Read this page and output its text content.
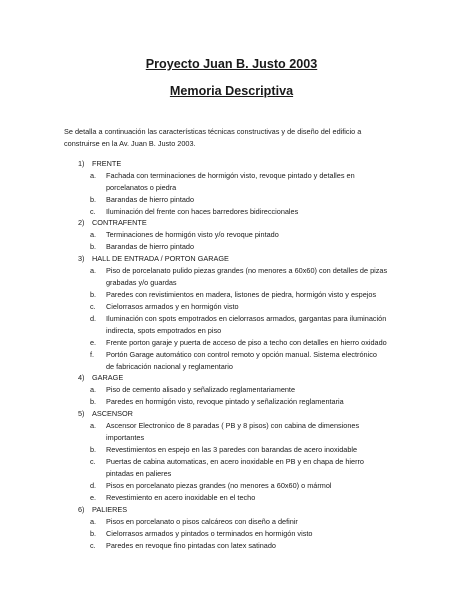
Proyecto Juan B. Justo 2003
Memoria Descriptiva
Se detalla a continuación las características técnicas constructivas y de diseño del edificio a
construirse en la Av. Juan B. Justo 2003.
1) FRENTE
a. Fachada con terminaciones de hormigón visto, revoque pintado y detalles en
porcelanatos o piedra
b. Barandas de hierro pintado
c. Iluminación del frente con haces barredores bidireccionales
2) CONTRAFENTE
a. Terminaciones de hormigón visto y/o revoque pintado
b. Barandas de hierro pintado
3) HALL DE ENTRADA / PORTON GARAGE
a. Piso de porcelanato pulido piezas grandes (no menores a 60x60) con detalles de pizas
grabadas y/o guardas
b. Paredes con revistimientos en madera, listones de piedra, hormigón visto y espejos
c. Cielorrasos armados y en hormigón visto
d. Iluminación con spots empotrados en cielorrasos armados, gargantas para iluminación
indirecta, spots empotrados en piso
e. Frente porton garaje y puerta de acceso de piso a techo con detalles en hierro oxidado
f. Portón Garage automático con control remoto y opción manual. Sistema electrónico
de fabricación nacional y reglamentario
4) GARAGE
a. Piso de cemento alisado y señalizado reglamentariamente
b. Paredes en hormigón visto, revoque pintado y señalización reglamentaria
5) ASCENSOR
a. Ascensor Electronico de 8 paradas ( PB y 8 pisos) con cabina de dimensiones
importantes
b. Revestimientos en espejo en las 3 paredes con barandas de acero inoxidable
c. Puertas de cabina automaticas, en acero inoxidable en PB y en chapa de hierro
pintadas en palieres
d. Pisos en porcelanato piezas grandes (no menores a 60x60) o mármol
e. Revestimiento en acero inoxidable en el techo
6) PALIERES
a. Pisos en porcelanato o pisos calcáreos con diseño a definir
b. Cielorrasos armados y pintados o terminados en hormigón visto
c. Paredes en revoque fino pintadas con latex satinado
